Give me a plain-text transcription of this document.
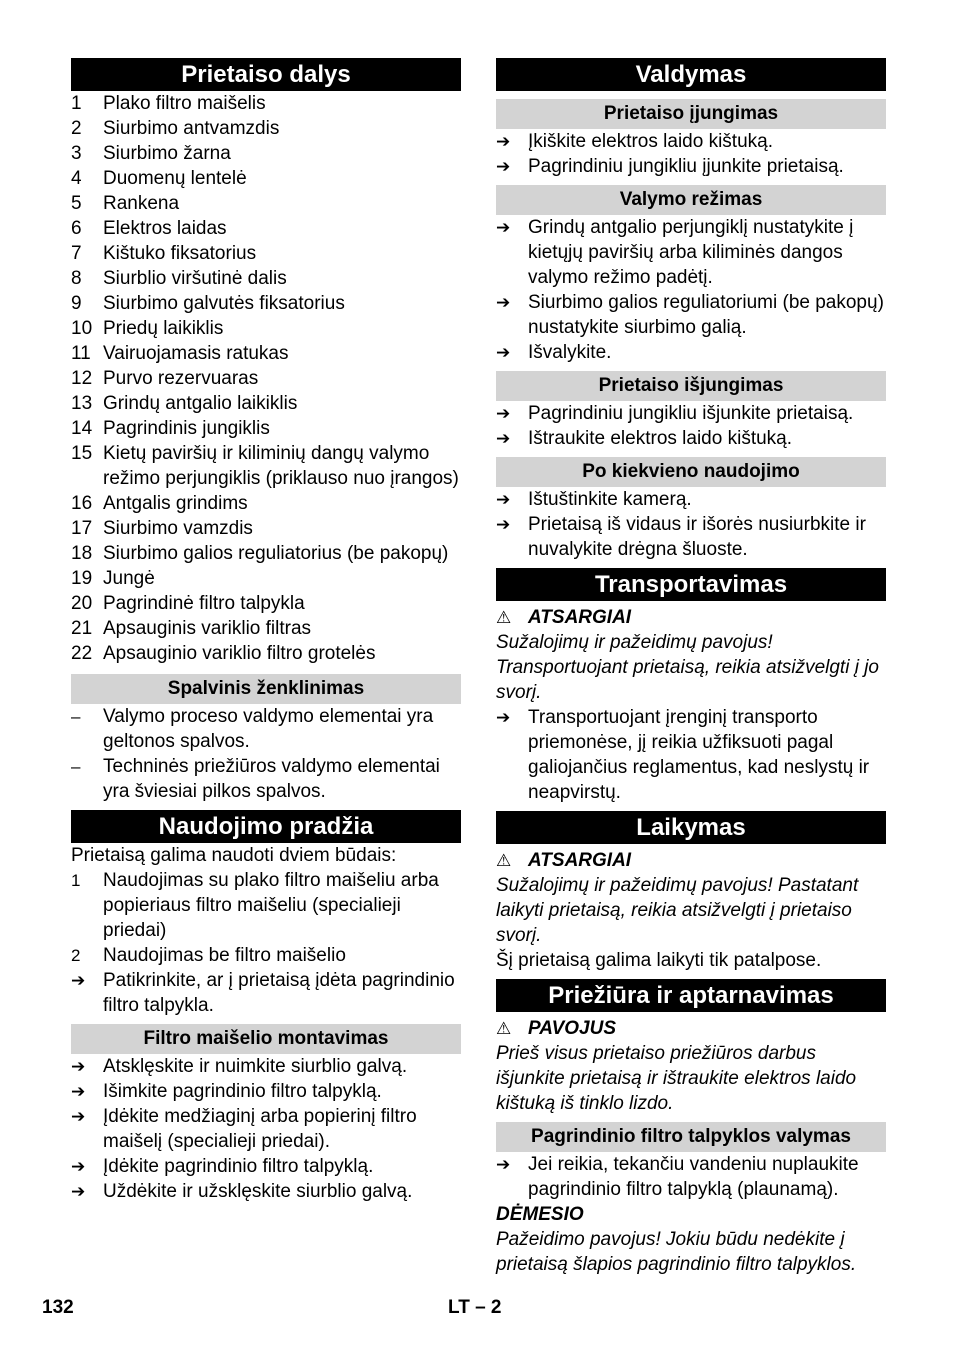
Prietaiso dalys
1	Plako filtro maišelis
2	Siurbimo antvamzdis
3	Siurbimo žarna
4	Duomenų lentelė
5	Rankena
6	Elektros laidas
7	Kištuko fiksatorius
8	Siurblio viršutinė dalis
9	Siurbimo galvutės fiksatorius
10 Priedų laikiklis
11 Vairuojamasis ratukas
12 Purvo rezervuaras
13 Grindų antgalio laikiklis
14 Pagrindinis jungiklis
15 Kietų paviršių ir kiliminių dangų valymo režimo perjungiklis (priklauso nuo įrangos)
16 Antgalis grindims
17 Siurbimo vamzdis
18 Siurbimo galios reguliatorius (be pakopų)
19 Jungė
20 Pagrindinė filtro talpykla
21 Apsauginis variklio filtras
22 Apsauginio variklio filtro grotelės
Spalvinis ženklinimas
–	Valymo proceso valdymo elementai yra geltonos spalvos.
–	Techninės priežiūros valdymo elementai yra šviesiai pilkos spalvos.
Naudojimo pradžia

Prietaisą galima naudoti dviem būdais:

1	Naudojimas su plako filtro maišeliu arba popieriaus filtro maišeliu (specialieji priedai)
2	Naudojimas be filtro maišelio
➔ Patikrinkite, ar į prietaisą įdėta pagrindinio filtro talpykla.
Filtro maišelio montavimas
➔ Atsklęskite ir nuimkite siurblio galvą.
➔ Išimkite pagrindinio filtro talpyklą.
➔ Įdėkite medžiaginį arba popierinį filtro maišelį (specialieji priedai).
➔ Įdėkite pagrindinio filtro talpyklą.
➔ Uždėkite ir užsklęskite siurblio galvą.
Valdymas
Prietaiso įjungimas
➔ Įkiškite elektros laido kištuką.
➔ Pagrindiniu jungikliu įjunkite prietaisą.
Valymo režimas
➔ Grindų antgalio perjungiklį nustatykite į kietųjų paviršių arba kiliminės dangos valymo režimo padėtį.
➔ Siurbimo galios reguliatoriumi (be pakopų) nustatykite siurbimo galią.
➔ Išvalykite.
Prietaiso išjungimas
➔ Pagrindiniu jungikliu išjunkite prietaisą.
➔ Ištraukite elektros laido kištuką.
Po kiekvieno naudojimo
➔ Ištuštinkite kamerą.
➔ Prietaisą iš vidaus ir išorės nusiurbkite ir nuvalykite drėgna šluoste.
Transportavimas
⚠ ATSARGIAI

Sužalojimų ir pažeidimų pavojus! Transportuojant prietaisą, reikia atsižvelgti į jo svorį.

➔ Transportuojant įrenginį transporto priemonėse, jį reikia užfiksuoti pagal galiojančius reglamentus, kad neslystų ir neapvirstų.
Laikymas
⚠ ATSARGIAI

Sužalojimų ir pažeidimų pavojus! Pastatant laikyti prietaisą, reikia atsižvelgti į prietaiso svorį.

Šį prietaisą galima laikyti tik patalpose.

Priežiūra ir aptarnavimas
⚠ PAVOJUS

Prieš visus prietaiso priežiūros darbus išjunkite prietaisą ir ištraukite elektros laido kištuką iš tinklo lizdo.

Pagrindinio filtro talpyklos valymas
➔ Jei reikia, tekančiu vandeniu nuplaukite pagrindinio filtro talpyklą (plaunamą).
DĖMESIO

Pažeidimo pavojus! Jokiu būdu nedėkite į prietaisą šlapios pagrindinio filtro talpyklos.

132	LT – 2
